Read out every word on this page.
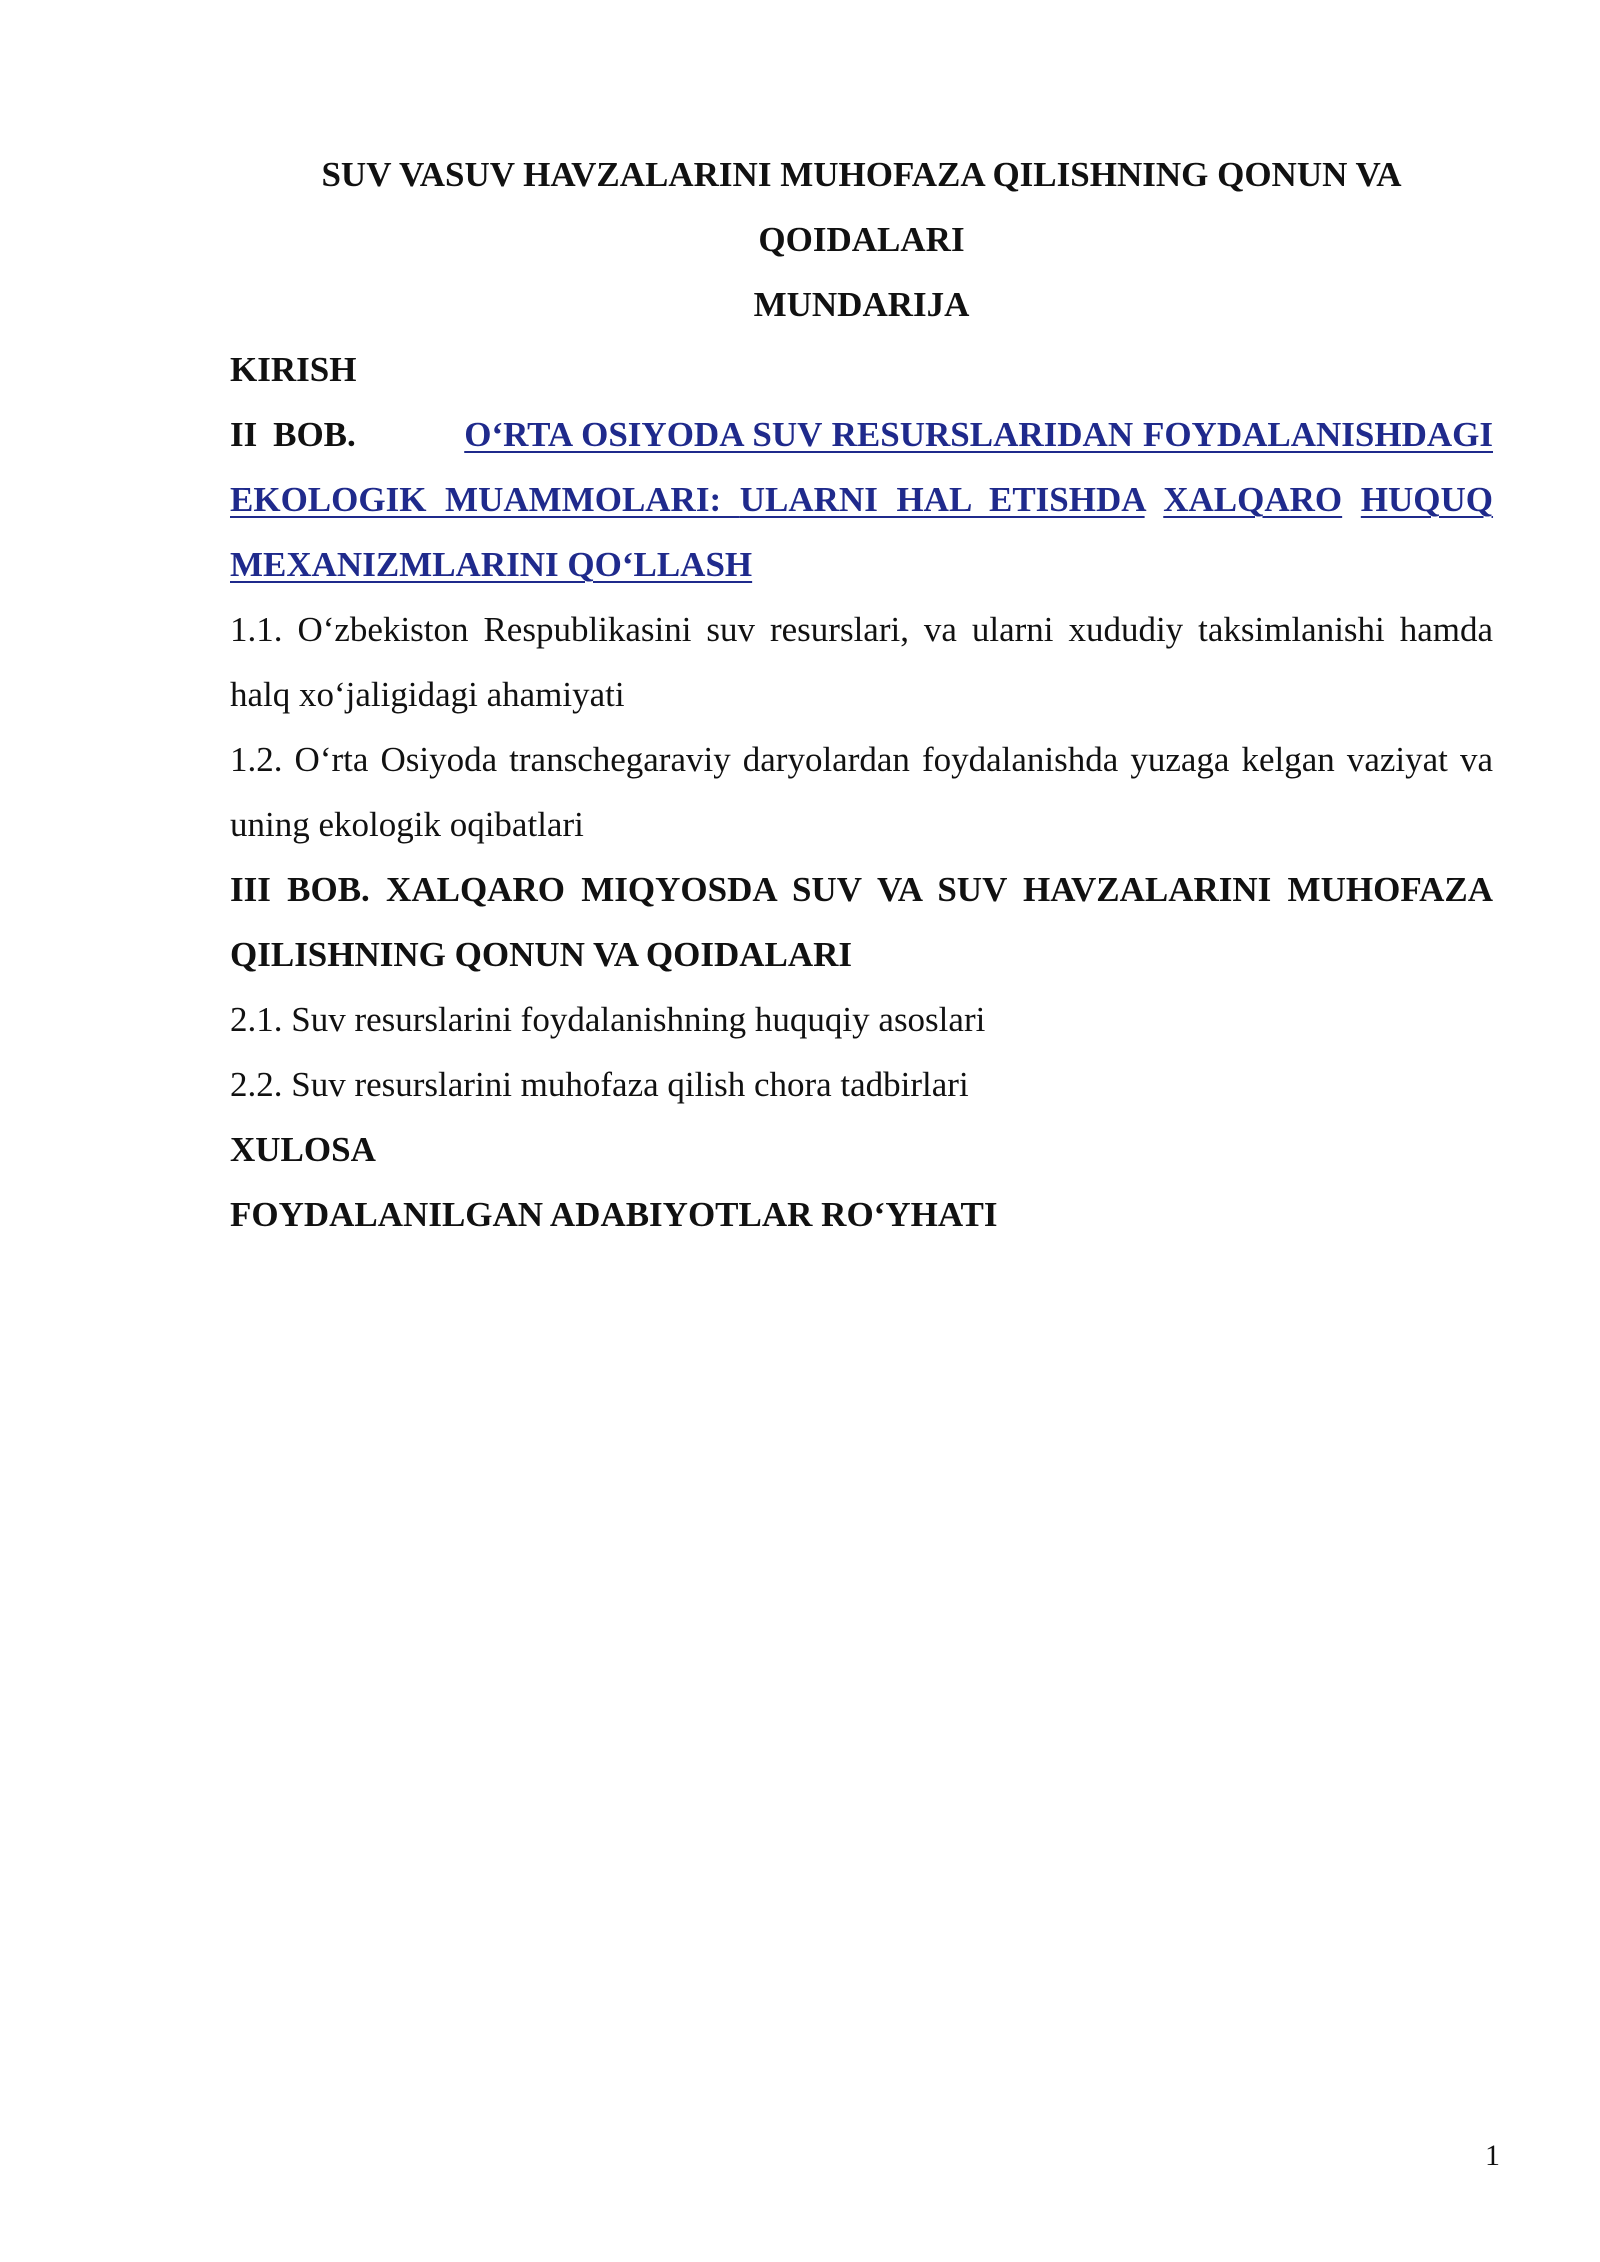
SUV VASUV HAVZALARINI MUHOFAZA QILISHNING QONUN VA

QOIDALARI

MUNDARIJA

KIRISH

II BOB.	O‘RTA OSIYODA SUV RESURSLARIDAN FOYDALANISHDAGI EKOLOGIK MUAMMOLARI: ULARNI HAL ETISHDA XALQARO HUQUQ MEXANIZMLARINI QO‘LLASH

1.1. O‘zbekiston Respublikasini suv resurslari, va ularni xududiy taksimlanishi hamda halq xo‘jaligidagi ahamiyati

1.2. O‘rta Osiyoda transchegaraviy daryolardan foydalanishda yuzaga kelgan vaziyat va uning ekologik oqibatlari

III BOB. XALQARO MIQYOSDA SUV VA SUV HAVZALARINI MUHOFAZA QILISHNING QONUN VA QOIDALARI

2.1. Suv resurslarini foydalanishning huquqiy asoslari

2.2. Suv resurslarini muhofaza qilish chora tadbirlari

XULOSA

FOYDALANILGAN ADABIYOTLAR RO‘YHATI

1
